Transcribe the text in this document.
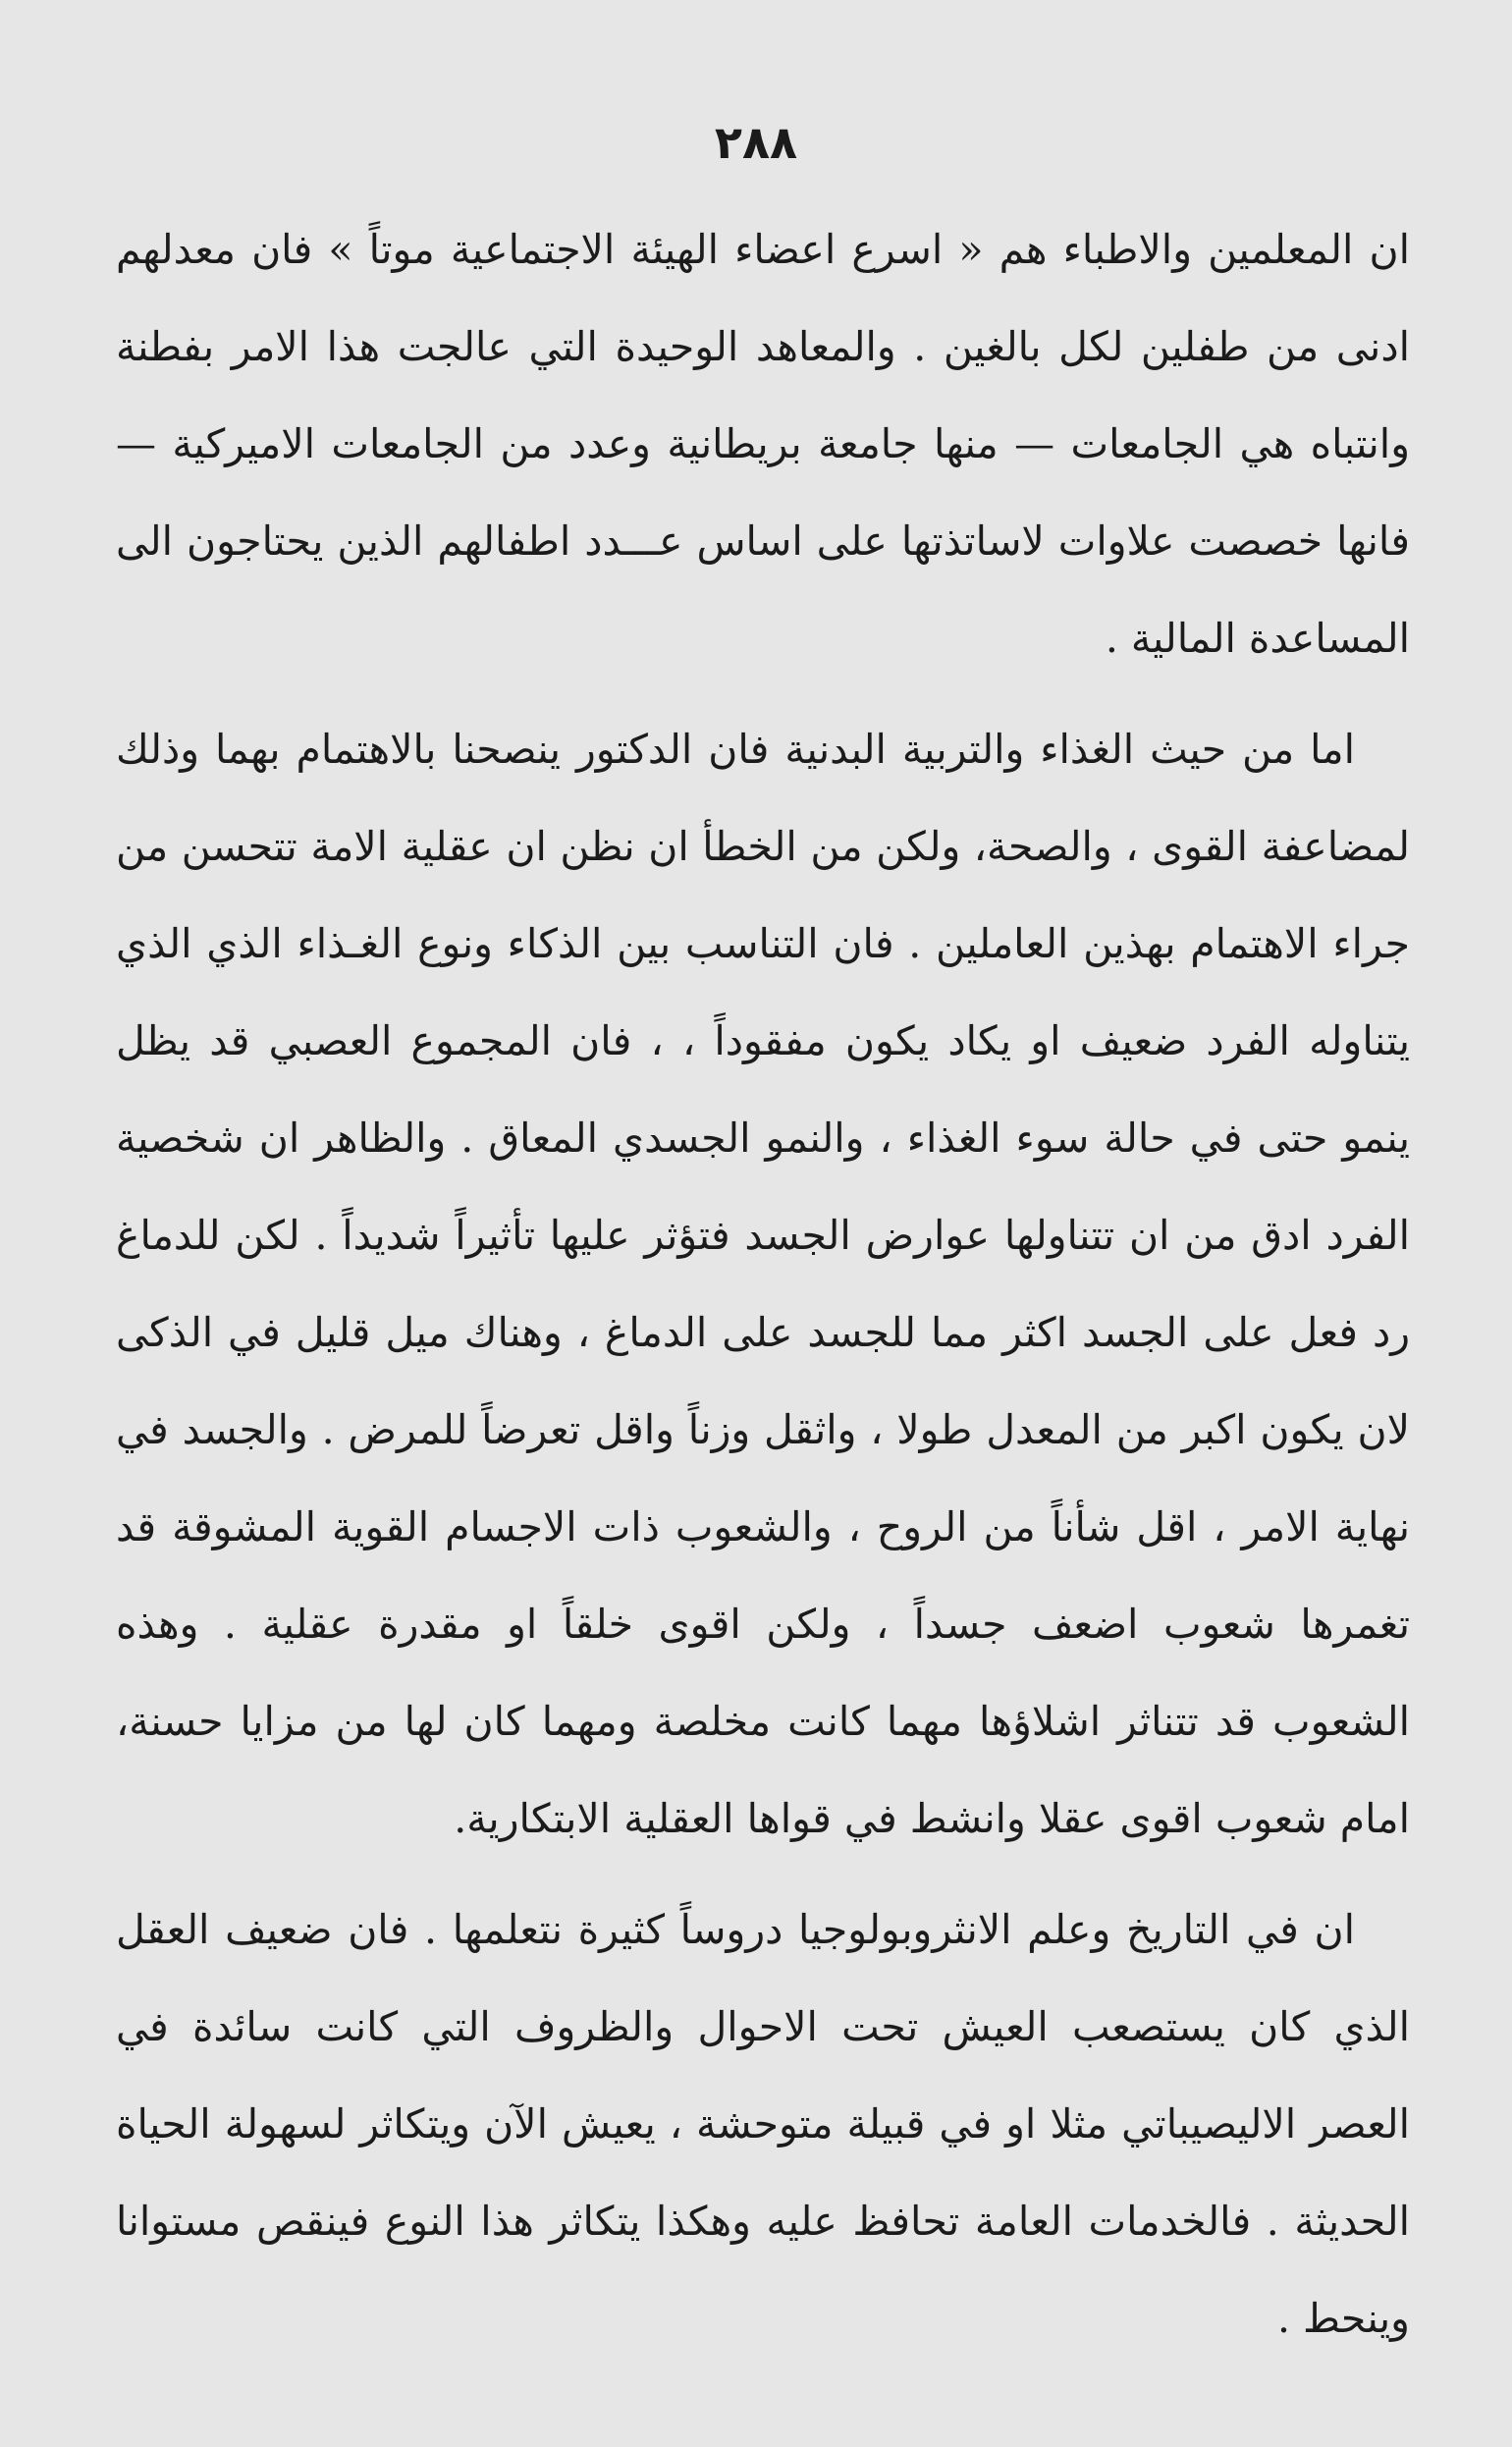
٢٨٨

ان المعلمين والاطباء هم « اسرع اعضاء الهيئة الاجتماعية موتاً » فان معدلهم ادنى من طفلين لكل بالغين . والمعاهد الوحيدة التي عالجت هذا الامر بفطنة وانتباه هي الجامعات — منها جامعة بريطانية وعدد من الجامعات الاميركية — فانها خصصت علاوات لاساتذتها على اساس عـــدد اطفالهم الذين يحتاجون الى المساعدة المالية .

اما من حيث الغذاء والتربية البدنية فان الدكتور ينصحنا بالاهتمام بهما وذلك لمضاعفة القوى ، والصحة، ولكن من الخطأ ان نظن ان عقلية الامة تتحسن من جراء الاهتمام بهذين العاملين . فان التناسب بين الذكاء ونوع الغـذاء الذي الذي يتناوله الفرد ضعيف او يكاد يكون مفقوداً ، ، فان المجموع العصبي قد يظل ينمو حتى في حالة سوء الغذاء ، والنمو الجسدي المعاق . والظاهر ان شخصية الفرد ادق من ان تتناولها عوارض الجسد فتؤثر عليها تأثيراً شديداً . لكن للدماغ رد فعل على الجسد اكثر مما للجسد على الدماغ ، وهناك ميل قليل في الذكى لان يكون اكبر من المعدل طولا ، واثقل وزناً واقل تعرضاً للمرض . والجسد في نهاية الامر ، اقل شأناً من الروح ، والشعوب ذات الاجسام القوية المشوقة قد تغمرها شعوب اضعف جسداً ، ولكن اقوى خلقاً او مقدرة عقلية . وهذه الشعوب قد تتناثر اشلاؤها مهما كانت مخلصة ومهما كان لها من مزايا حسنة، امام شعوب اقوى عقلا وانشط في قواها العقلية الابتكارية.

ان في التاريخ وعلم الانثروبولوجيا دروساً كثيرة نتعلمها . فان ضعيف العقل الذي كان يستصعب العيش تحت الاحوال والظروف التي كانت سائدة في العصر الاليصيباتي مثلا او في قبيلة متوحشة ، يعيش الآن ويتكاثر لسهولة الحياة الحديثة . فالخدمات العامة تحافظ عليه وهكذا يتكاثر هذا النوع فينقص مستوانا وينحط .
